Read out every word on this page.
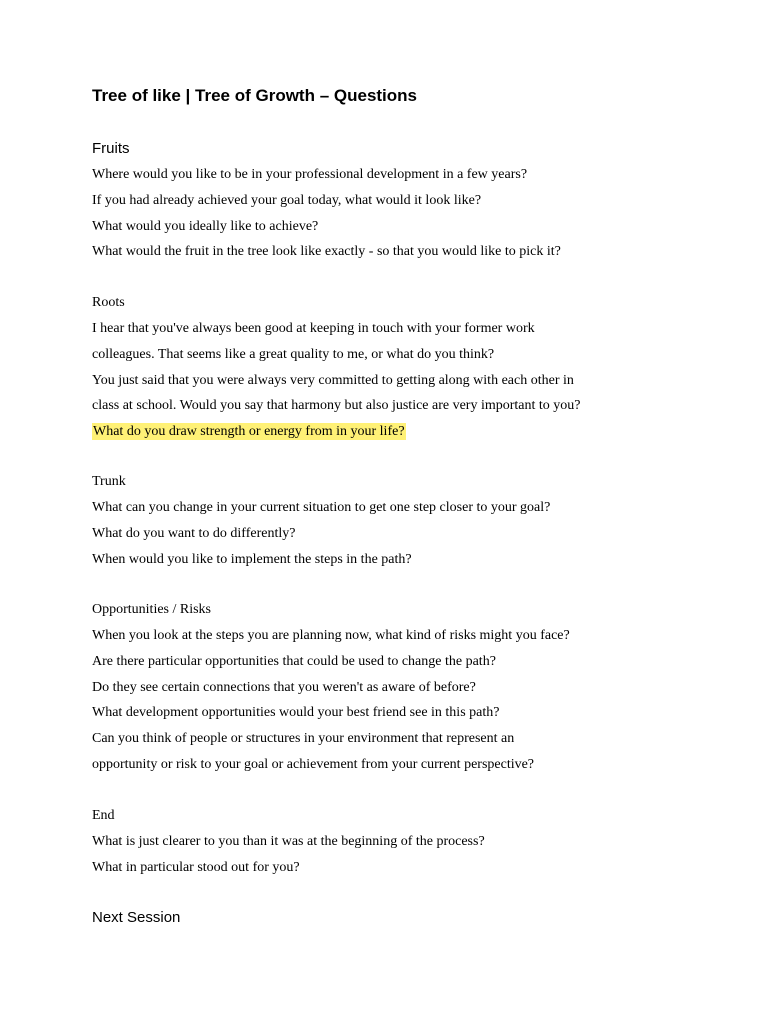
Tree of like | Tree of Growth – Questions

Fruits

Where would you like to be in your professional development in a few years?

If you had already achieved your goal today, what would it look like?

What would you ideally like to achieve?

What would the fruit in the tree look like exactly - so that you would like to pick it?

Roots

I hear that you've always been good at keeping in touch with your former work

colleagues. That seems like a great quality to me, or what do you think?

You just said that you were always very committed to getting along with each other in

class at school. Would you say that harmony but also justice are very important to you?

What do you draw strength or energy from in your life?

Trunk

What can you change in your current situation to get one step closer to your goal?

What do you want to do differently?

When would you like to implement the steps in the path?

Opportunities / Risks

When you look at the steps you are planning now, what kind of risks might you face?

Are there particular opportunities that could be used to change the path?

Do they see certain connections that you weren't as aware of before?

What development opportunities would your best friend see in this path?

Can you think of people or structures in your environment that represent an

opportunity or risk to your goal or achievement from your current perspective?

End

What is just clearer to you than it was at the beginning of the process?

What in particular stood out for you?

Next Session
